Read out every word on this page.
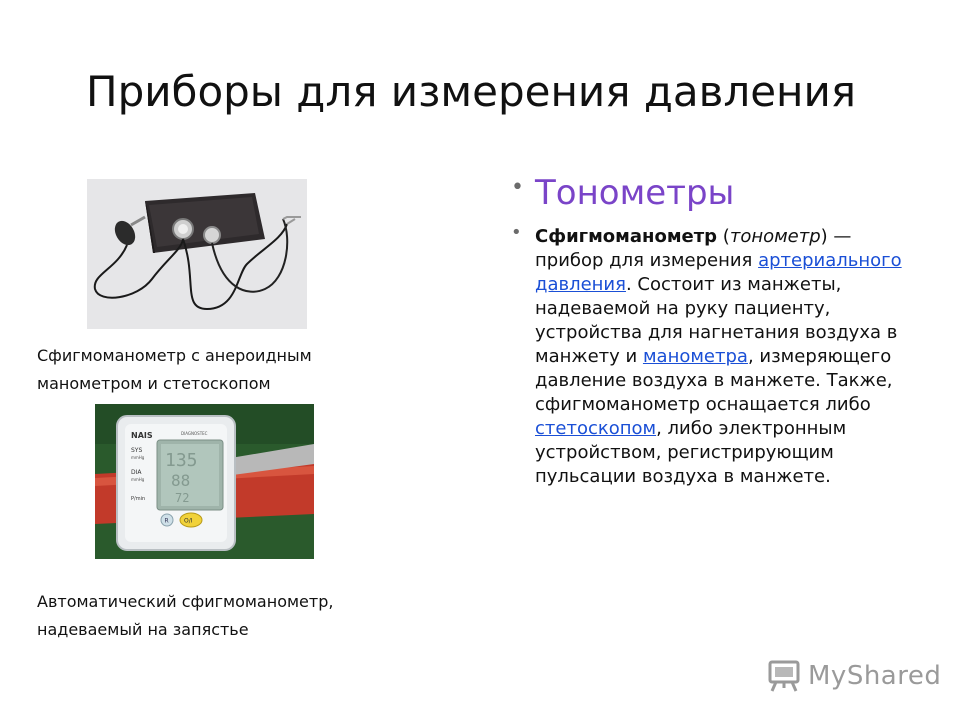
Приборы для измерения давления
Сфигмоманометр с анероидным
манометром и стетоскопом
NAIS	DIAGNOSTEC
135
88
72
SYS
mmHg
DIA
mmHg
P/min
R	O/I
Автоматический сфигмоманометр,
надеваемый на запястье
• Тонометры
• Сфигмоманометр (тонометр) — прибор для измерения артериального давления. Состоит из манжеты, надеваемой на руку пациенту, устройства для нагнетания воздуха в манжету и манометра, измеряющего давление воздуха в манжете. Также, сфигмоманометр оснащается либо стетоскопом, либо электронным устройством, регистрирующим пульсации воздуха в манжете.
MyShared
